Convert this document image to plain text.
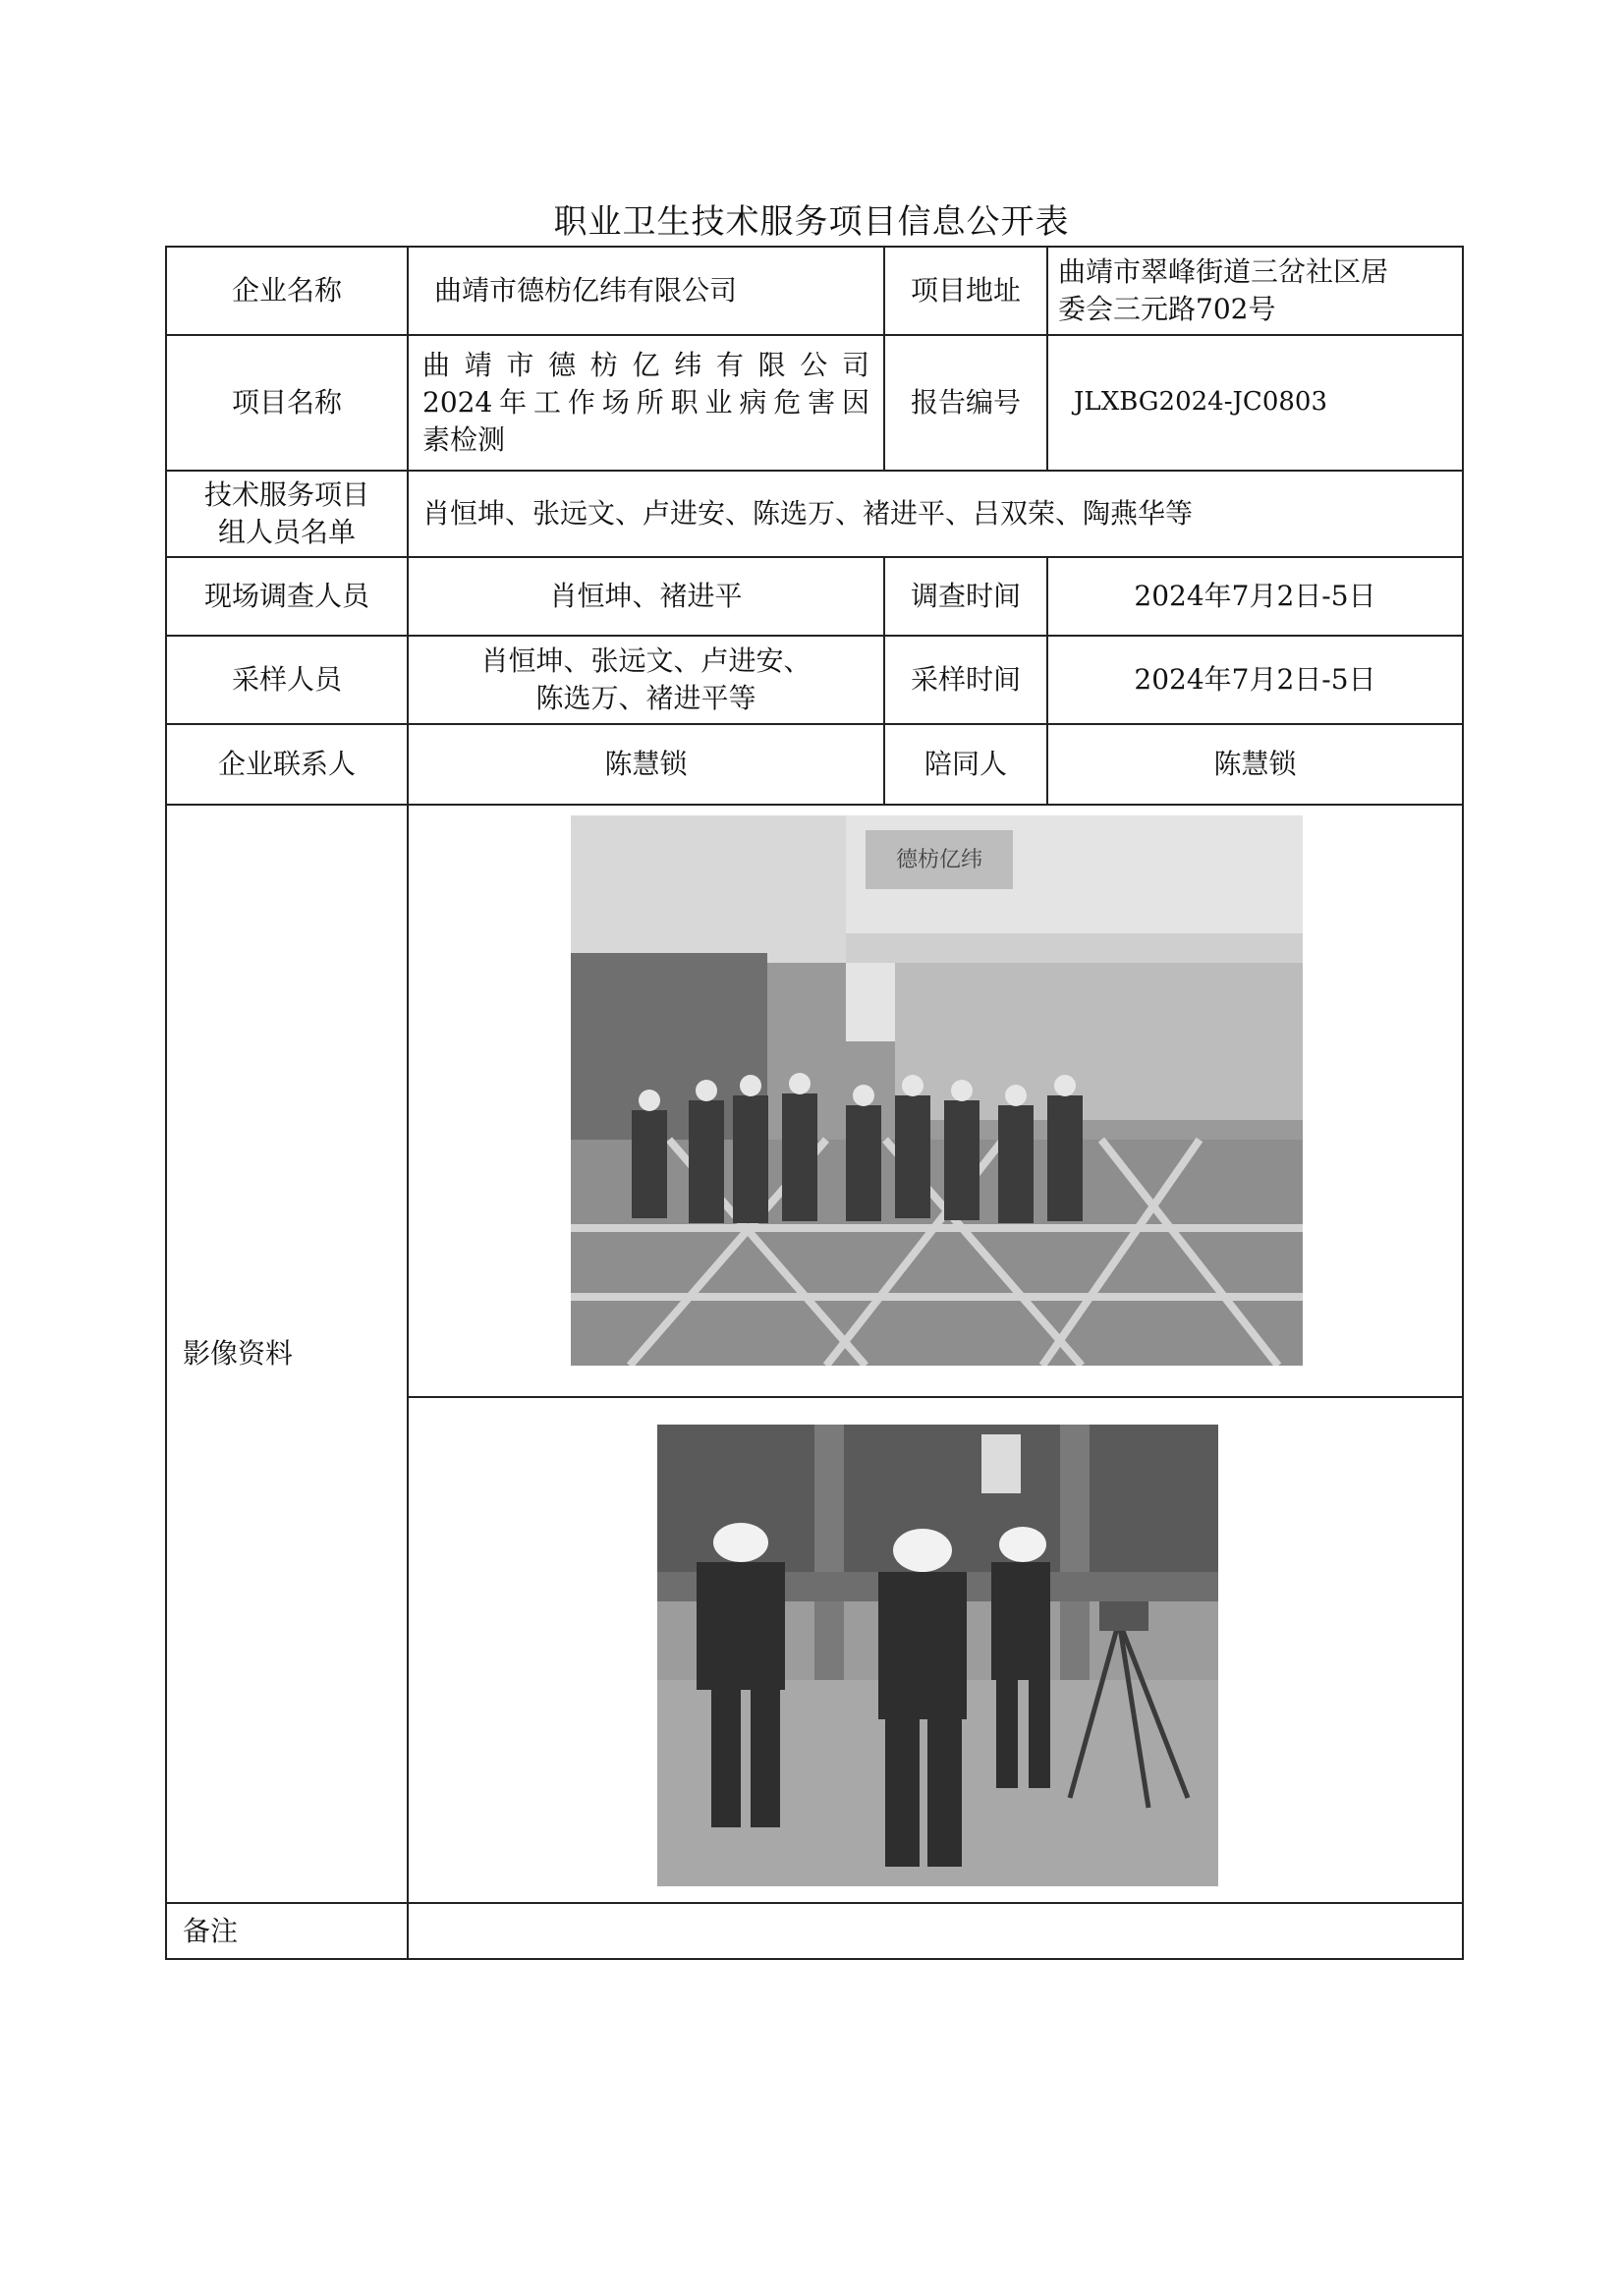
职业卫生技术服务项目信息公开表
企业名称	曲靖市德枋亿纬有限公司	项目地址	曲靖市翠峰街道三岔社区居
委会三元路702号

项目名称	曲靖市德枋亿纬有限公司
2024年工作场所职业病危害因
素检测	报告编号	JLXBG2024-JC0803

技术服务项目
组人员名单	肖恒坤、张远文、卢进安、陈选万、褚进平、吕双荣、陶燕华等		
现场调查人员	肖恒坤、褚进平	调查时间	2024年7月2日-5日
采样人员	肖恒坤、张远文、卢进安、
陈选万、褚进平等	采样时间	2024年7月2日-5日
企业联系人	陈慧锁	陪同人	陈慧锁
影像资料	德枋亿纬		

备注			
